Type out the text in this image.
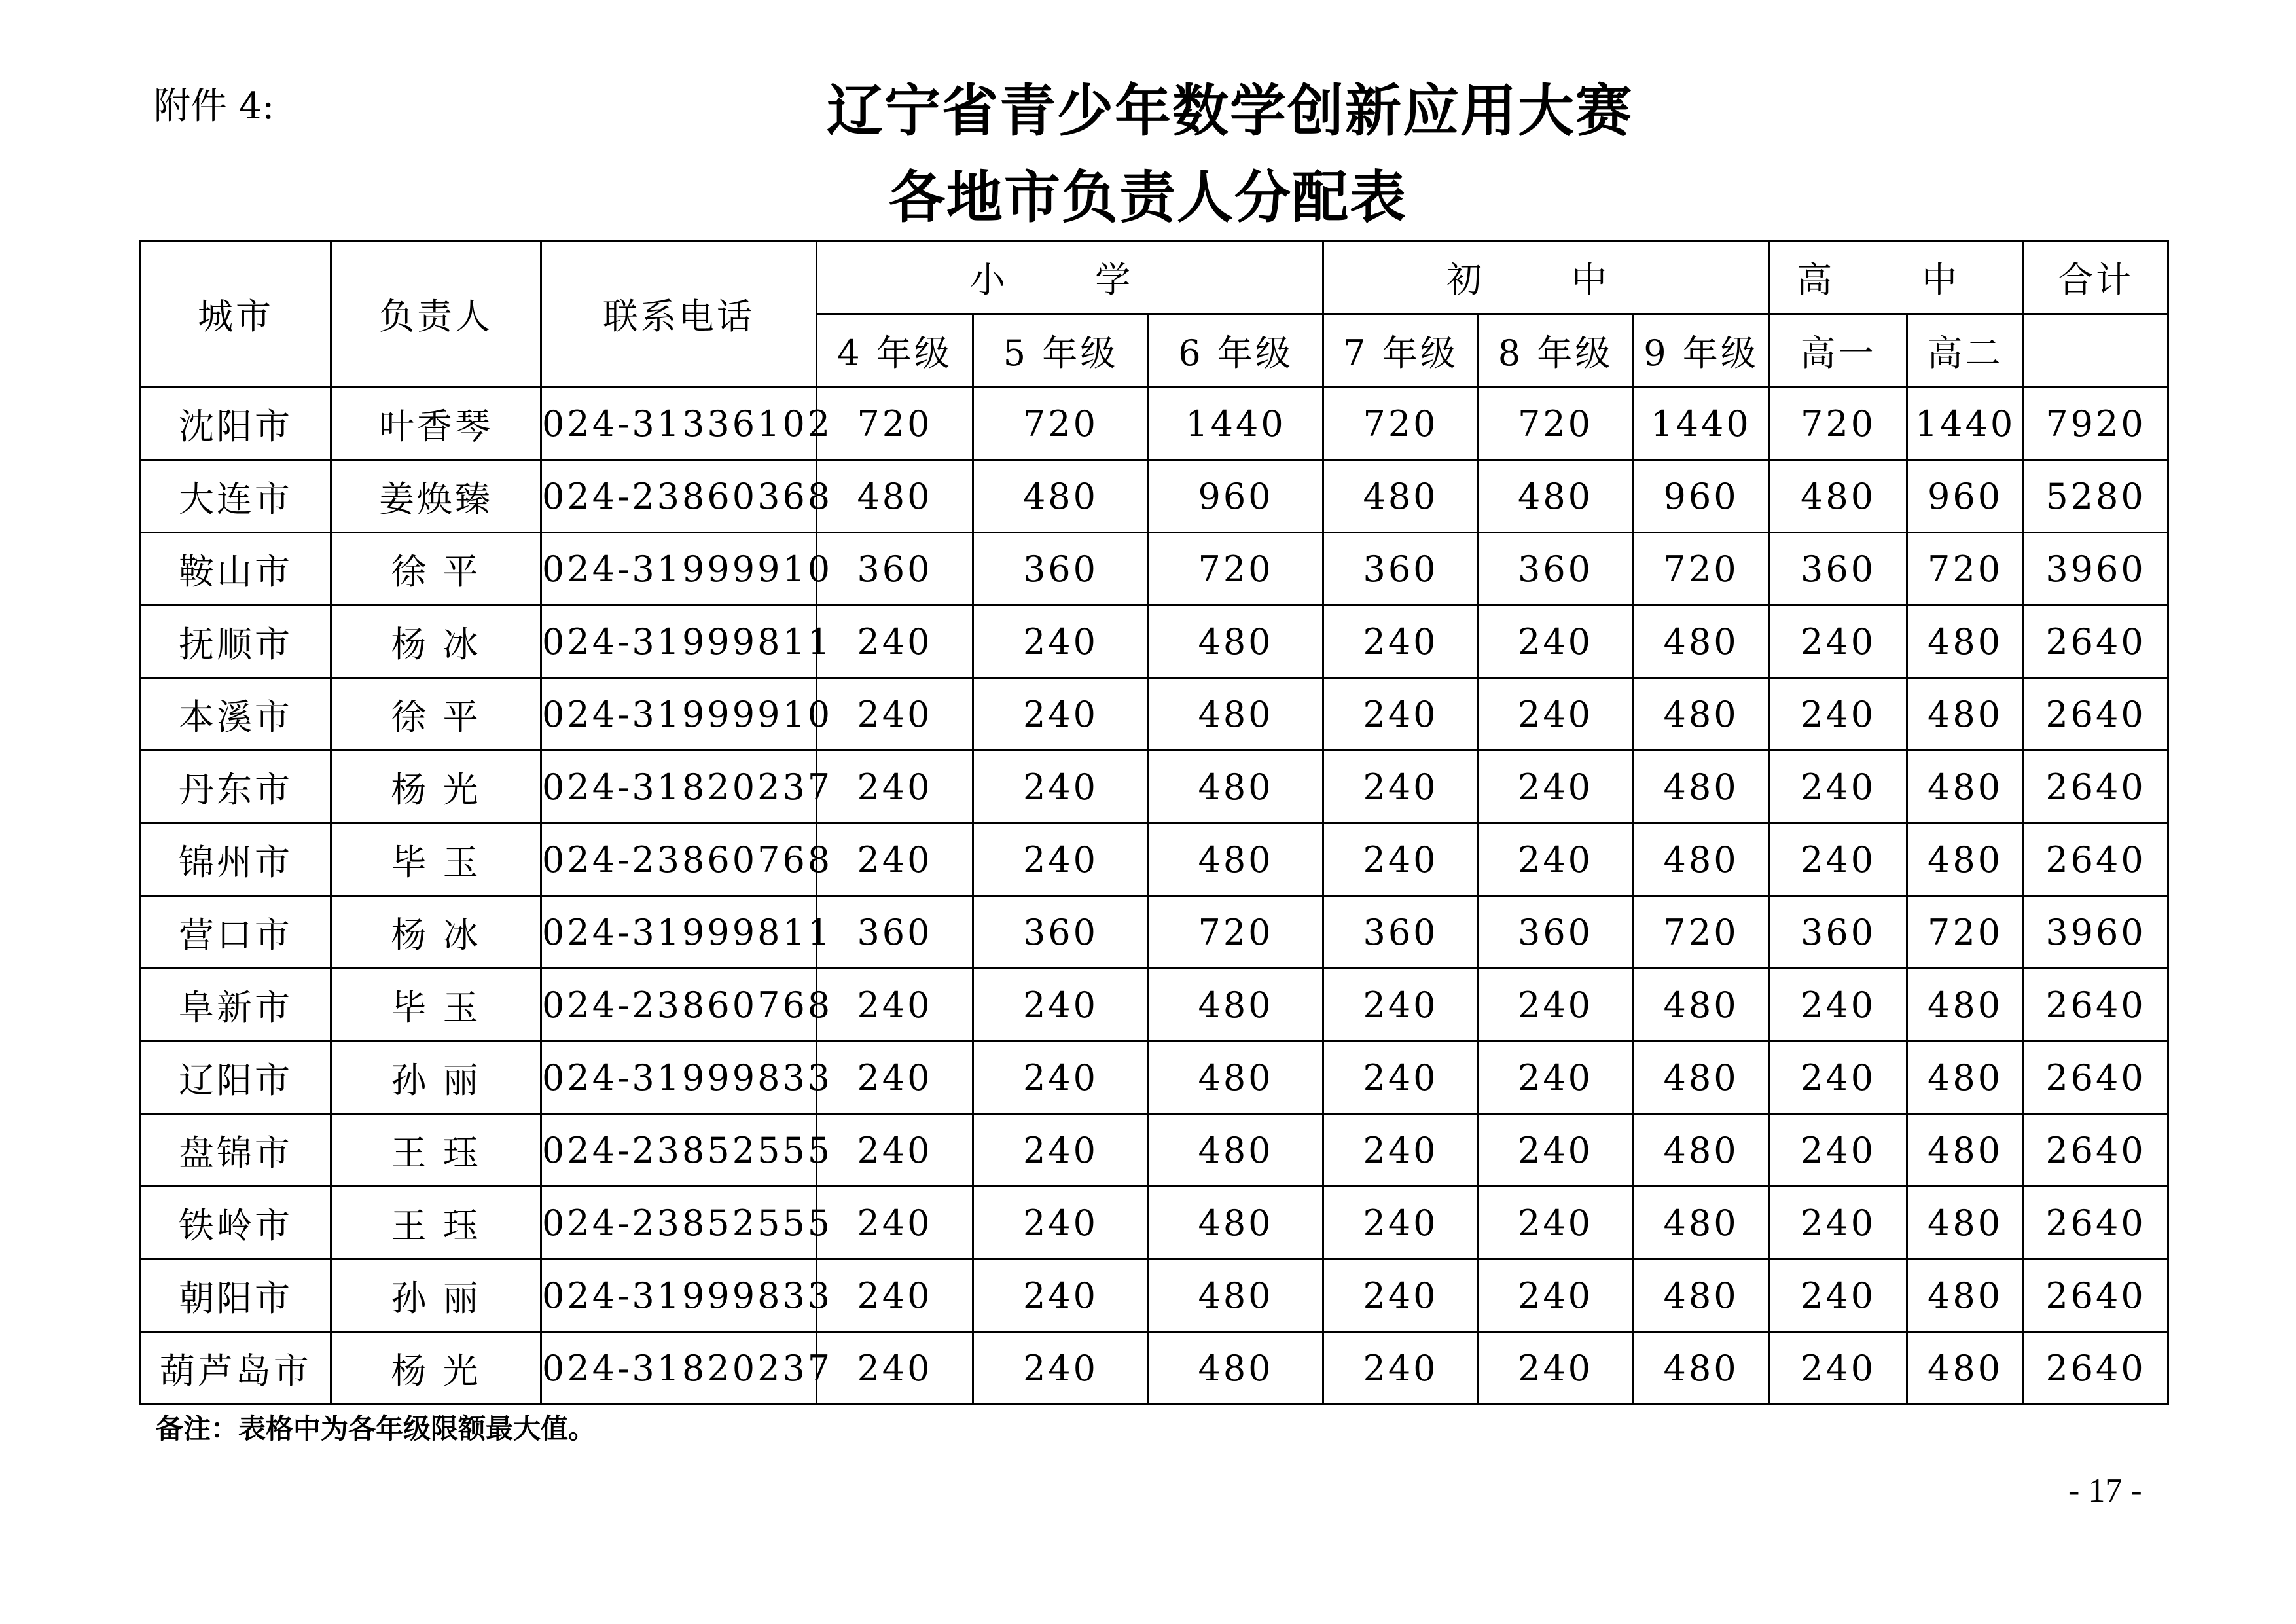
附件 4:	辽宁省青少年数学创新应用大赛
各地市负责人分配表
城市	负责人	联系电话	小 学			初 中			高 中		合计
			4 年级	5 年级	6 年级	7 年级	8 年级	9 年级	高一	高二	
沈阳市	叶香琴	024-31336102	720	720	1440	720	720	1440	720	1440	7920
大连市	姜焕臻	024-23860368	480	480	960	480	480	960	480	960	5280
鞍山市	徐 平	024-31999910	360	360	720	360	360	720	360	720	3960
抚顺市	杨 冰	024-31999811	240	240	480	240	240	480	240	480	2640
本溪市	徐 平	024-31999910	240	240	480	240	240	480	240	480	2640
丹东市	杨 光	024-31820237	240	240	480	240	240	480	240	480	2640
锦州市	毕 玉	024-23860768	240	240	480	240	240	480	240	480	2640
营口市	杨 冰	024-31999811	360	360	720	360	360	720	360	720	3960
阜新市	毕 玉	024-23860768	240	240	480	240	240	480	240	480	2640
辽阳市	孙 丽	024-31999833	240	240	480	240	240	480	240	480	2640
盘锦市	王 珏	024-23852555	240	240	480	240	240	480	240	480	2640
铁岭市	王 珏	024-23852555	240	240	480	240	240	480	240	480	2640
朝阳市	孙 丽	024-31999833	240	240	480	240	240	480	240	480	2640
葫芦岛市	杨 光	024-31820237	240	240	480	240	240	480	240	480	2640
备注：表格中为各年级限额最大值。
- 17 -
